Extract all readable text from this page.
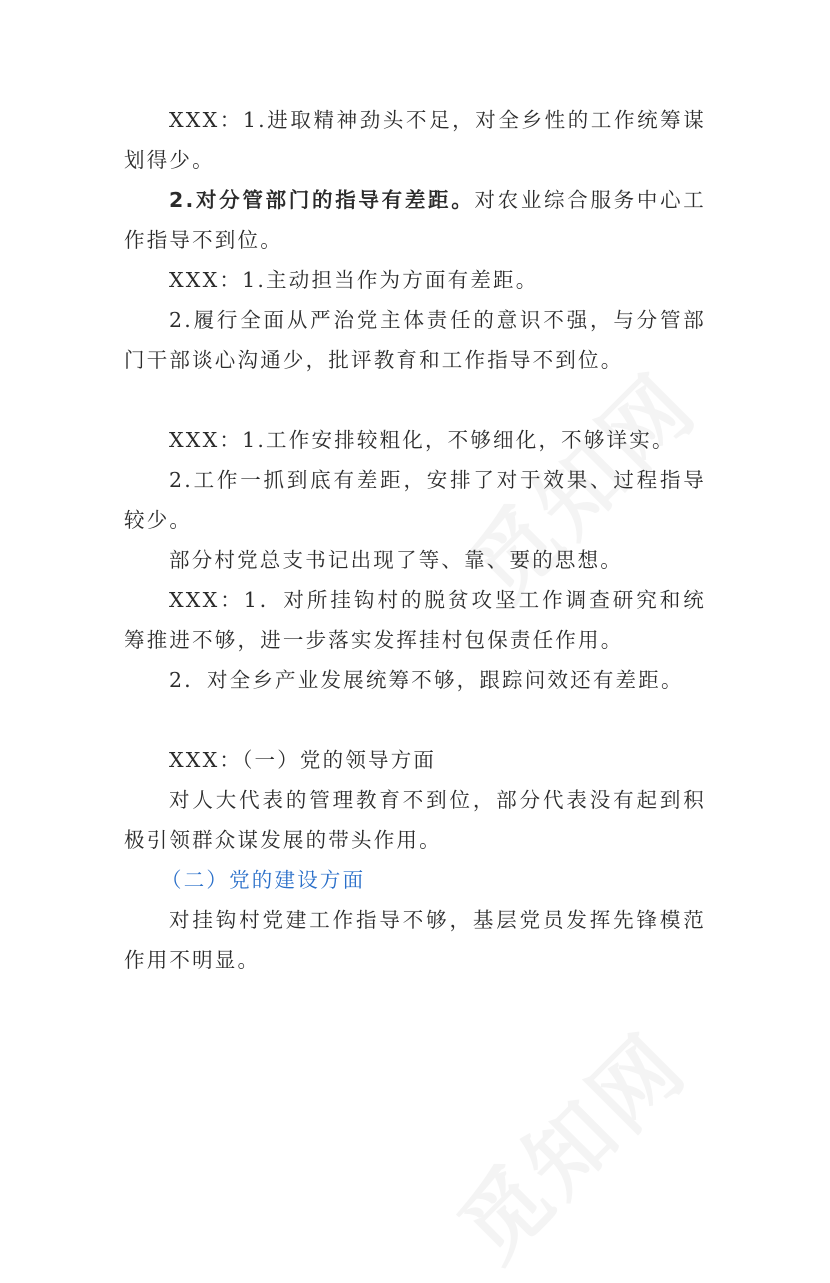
XXX：1.进取精神劲头不足，对全乡性的工作统筹谋划得少。

2.对分管部门的指导有差距。对农业综合服务中心工作指导不到位。

XXX：1.主动担当作为方面有差距。

2.履行全面从严治党主体责任的意识不强，与分管部门干部谈心沟通少，批评教育和工作指导不到位。

XXX：1.工作安排较粗化，不够细化，不够详实。

2.工作一抓到底有差距，安排了对于效果、过程指导较少。

部分村党总支书记出现了等、靠、要的思想。

XXX：1．对所挂钩村的脱贫攻坚工作调查研究和统筹推进不够，进一步落实发挥挂村包保责任作用。

2．对全乡产业发展统筹不够，跟踪问效还有差距。

XXX：（一）党的领导方面

对人大代表的管理教育不到位，部分代表没有起到积极引领群众谋发展的带头作用。

（二）党的建设方面

对挂钩村党建工作指导不够，基层党员发挥先锋模范作用不明显。
